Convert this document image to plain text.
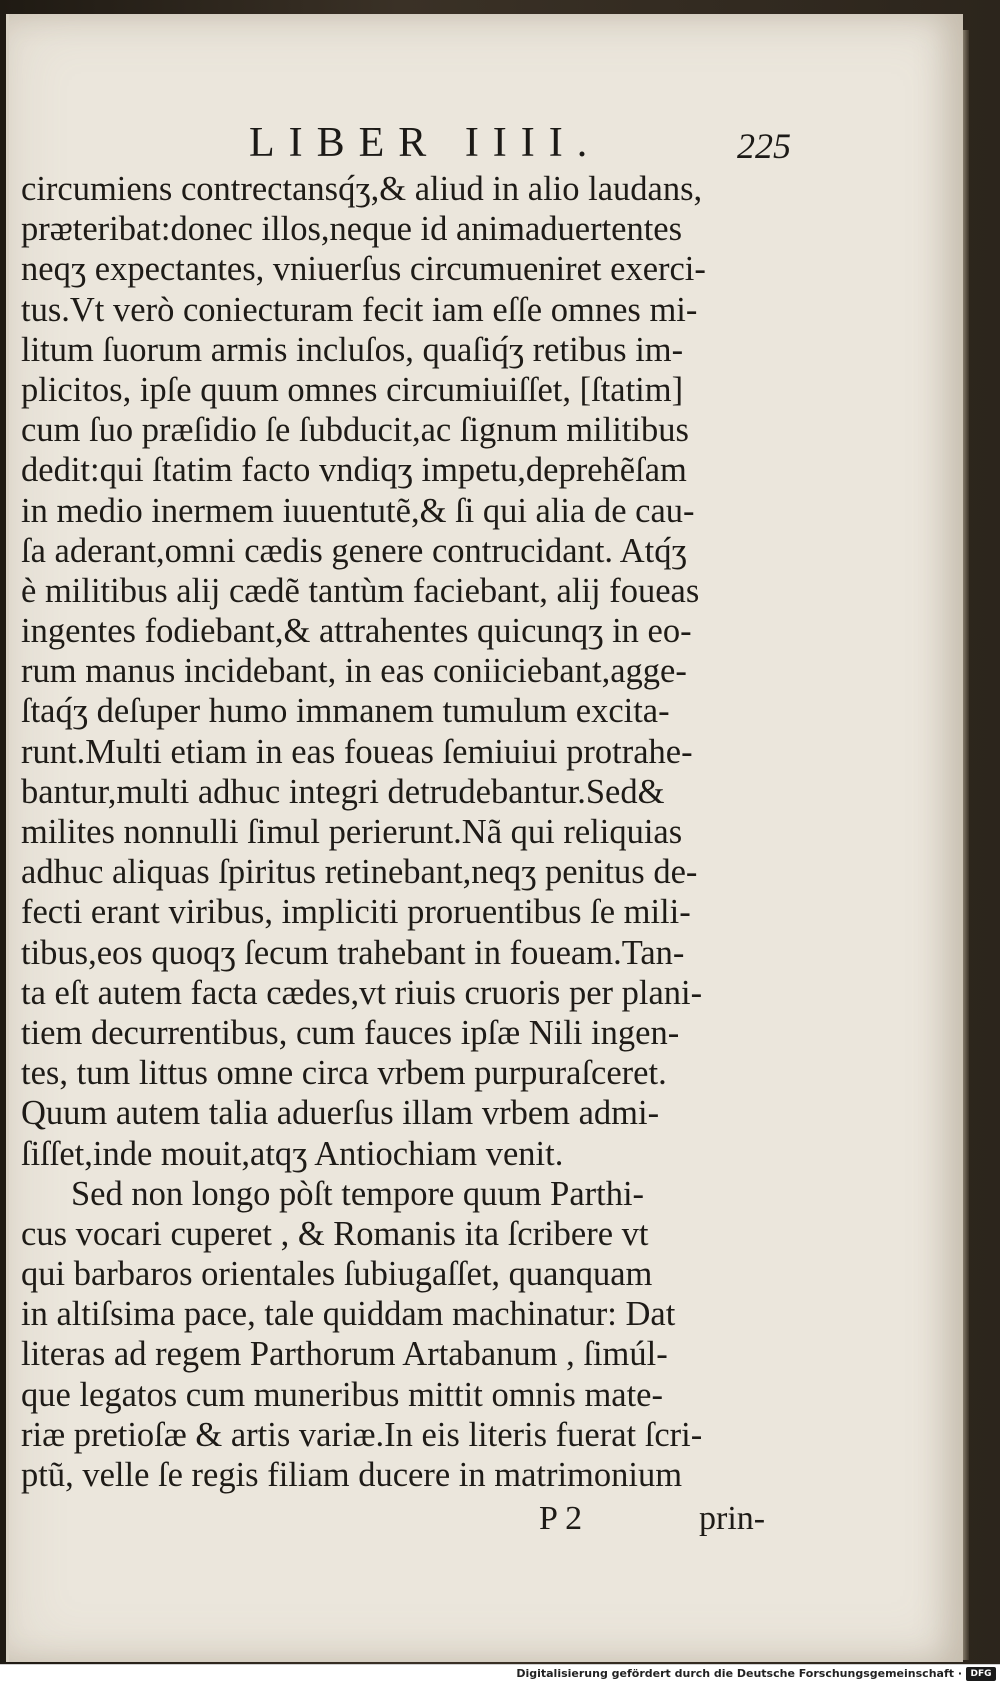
LIBER IIII.	225
circumiens contrectansq́ʒ,& aliud in alio laudans,
prᴂteribat:donec illos,neque id animaduertentes
neqʒ expectantes, vniuerſus circumueniret exerci-
tus.Vt verò coniecturam fecit iam eſſe omnes mi-
litum ſuorum armis incluſos, quaſiq́ʒ retibus im-
plicitos, ipſe quum omnes circumiuiſſet, [ſtatim]
cum ſuo præſidio ſe ſubducit,ac ſignum militibus
dedit:qui ſtatim facto vndiqʒ impetu,deprehẽſam
in medio inermem iuuentutẽ,& ſi qui alia de cau-
ſa aderant,omni cædis genere contrucidant. Atq́ʒ
è militibus alij cædẽ tantùm faciebant, alij foueas
ingentes fodiebant,& attrahentes quicunqʒ in eo-
rum manus incidebant, in eas coniiciebant,agge-
ſtaq́ʒ deſuper humo immanem tumulum excita-
runt.Multi etiam in eas foueas ſemiuiui protrahe-
bantur,multi adhuc integri detrudebantur.Sed&
milites nonnulli ſimul perierunt.Nã qui reliquias
adhuc aliquas ſpiritus retinebant,neqʒ penitus de-
fecti erant viribus, impliciti proruentibus ſe mili-
tibus,eos quoqʒ ſecum trahebant in foueam.Tan-
ta eſt autem facta cædes,vt riuis cruoris per plani-
tiem decurrentibus, cum fauces ipſæ Nili ingen-
tes, tum littus omne circa vrbem purpuraſceret.
Quum autem talia aduerſus illam vrbem admi-
ſiſſet,inde mouit,atqʒ Antiochiam venit.
Sed non longo pòſt tempore quum Parthi-
cus vocari cuperet , & Romanis ita ſcribere vt
qui barbaros orientales ſubiugaſſet, quanquam
in altiſsima pace, tale quiddam machinatur: Dat
literas ad regem Parthorum Artabanum , ſimúl-
que legatos cum muneribus mittit omnis mate-
riæ pretioſæ & artis variæ.In eis literis fuerat ſcri-
ptũ, velle ſe regis filiam ducere in matrimonium
P 2	prin-
Digitalisierung gefördert durch die Deutsche Forschungsgemeinschaft · DFG
